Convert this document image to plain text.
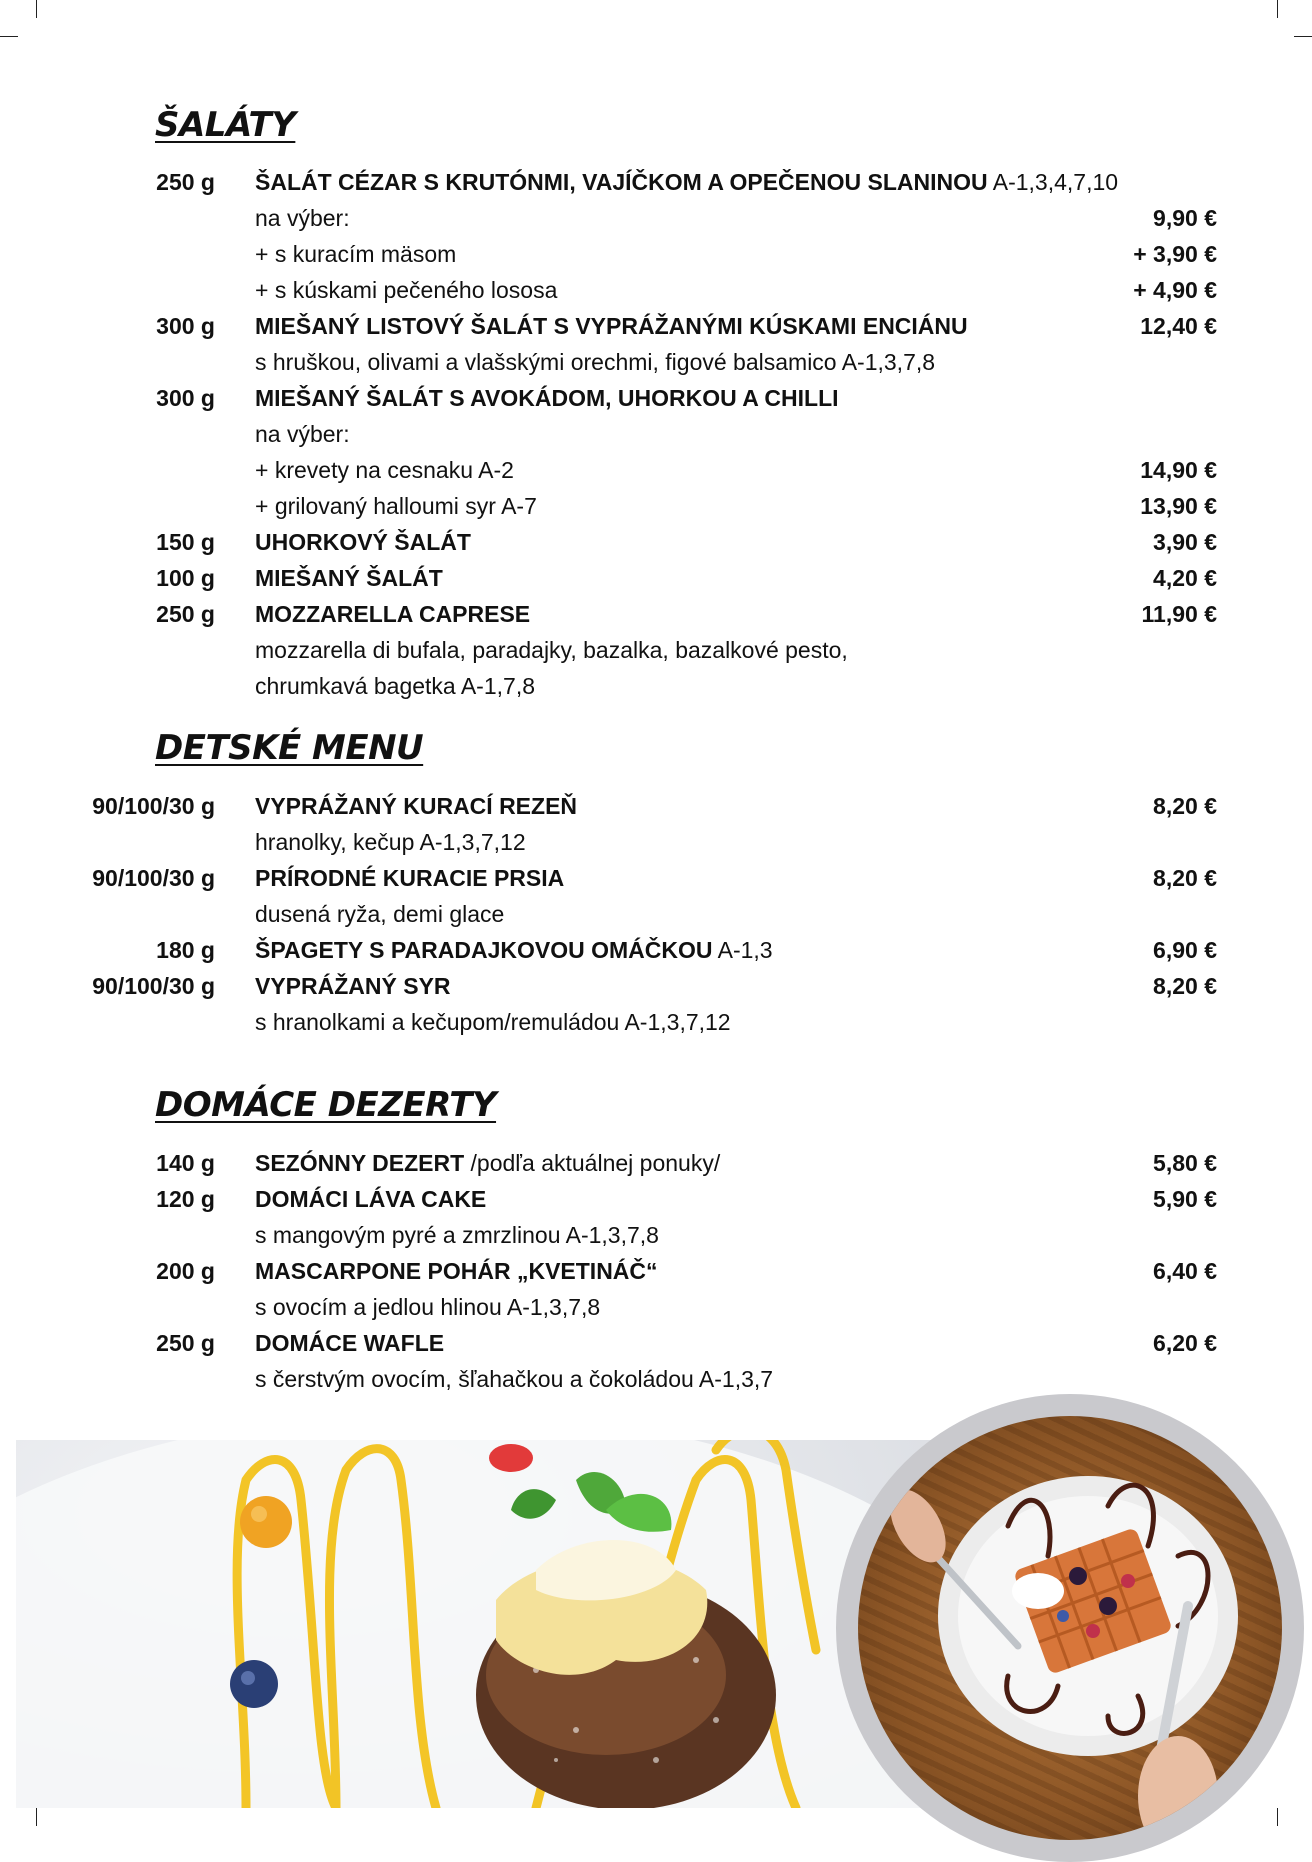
ŠALÁTY
250 g ŠALÁT CÉZAR S KRUTÓNMI, VAJÍČKOM A OPEČENOU SLANINOU A-1,3,4,7,10
na výber:	9,90 €
+ s kuracím mäsom	+ 3,90 €
+ s kúskami pečeného lososa	+ 4,90 €
300 g MIEŠANÝ LISTOVÝ ŠALÁT S VYPRÁŽANÝMI KÚSKAMI ENCIÁNU	12,40 €
s hruškou, olivami a vlašskými orechmi, figové balsamico A-1,3,7,8
300 g MIEŠANÝ ŠALÁT S AVOKÁDOM, UHORKOU A CHILLI
na výber:
+ krevety na cesnaku A-2	14,90 €
+ grilovaný halloumi syr A-7	13,90 €
150 g UHORKOVÝ ŠALÁT	3,90 €
100 g MIEŠANÝ ŠALÁT	4,20 €
250 g MOZZARELLA CAPRESE	11,90 €
mozzarella di bufala, paradajky, bazalka, bazalkové pesto,
chrumkavá bagetka A-1,7,8
DETSKÉ MENU
90/100/30 g VYPRÁŽANÝ KURACÍ REZEŇ	8,20 €
hranolky, kečup A-1,3,7,12
90/100/30 g PRÍRODNÉ KURACIE PRSIA	8,20 €
dusená ryža, demi glace
180 g ŠPAGETY S PARADAJKOVOU OMÁČKOU A-1,3	6,90 €
90/100/30 g VYPRÁŽANÝ SYR	8,20 €
s hranolkami a kečupom/remuládou A-1,3,7,12
DOMÁCE DEZERTY
140 g SEZÓNNY DEZERT /podľa aktuálnej ponuky/	5,80 €
120 g DOMÁCI LÁVA CAKE	5,90 €
s mangovým pyré a zmrzlinou A-1,3,7,8
200 g MASCARPONE POHÁR „KVETINÁČ“	6,40 €
s ovocím a jedlou hlinou A-1,3,7,8
250 g DOMÁCE WAFLE	6,20 €
s čerstvým ovocím, šľahačkou a čokoládou A-1,3,7
